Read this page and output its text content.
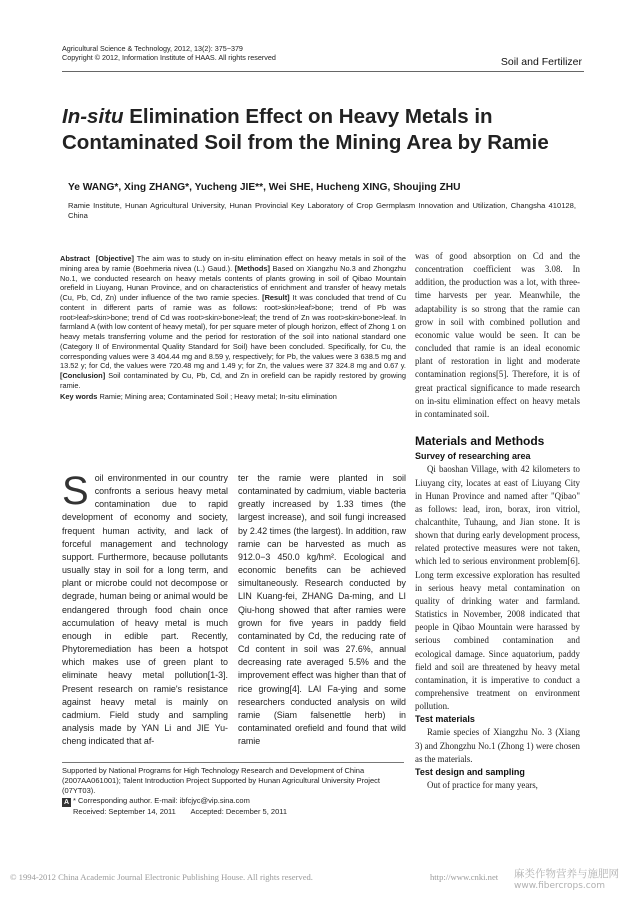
Agricultural Science & Technology, 2012, 13(2): 375−379
Copyright © 2012, Information Institute of HAAS. All rights reserved	Soil and Fertilizer
In-situ Elimination Effect on Heavy Metals in Contaminated Soil from the Mining Area by Ramie
Ye WANG*, Xing ZHANG*, Yucheng JIE**, Wei SHE, Hucheng XING, Shoujing ZHU
Ramie Institute, Hunan Agricultural University, Hunan Provincial Key Laboratory of Crop Germplasm Innovation and Utilization, Changsha 410128, China
Abstract [Objective] The aim was to study on in-situ elimination effect on heavy metals in soil of the mining area by ramie (Boehmeria nivea (L.) Gaud.). [Methods] Based on Xiangzhu No.3 and Zhongzhu No.1, we conducted research on heavy metals contents of plants growing in soil of Qibao Mountain orefield in Liuyang, Hunan Province, and on characteristics of enrichment and transfer of heavy metals (Cu, Pb, Cd, Zn) under influence of the two ramie species. [Result] It was concluded that trend of Cu content in different parts of ramie was as follows: root>skin>leaf>bone; trend of Pb was root>leaf>skin>bone; trend of Cd was root>skin>bone>leaf; the trend of Zn was root>skin>bone>leaf. In farmland A (with low content of heavy metal), for per square meter of plough horizon, effect of Zhong 1 on heavy metals transferring volume and the period for restoration of the soil into national standard one (Category II of Environmental Quality Standard for Soil) have been concluded. Specifically, for Cu, the corresponding values were 3 404.44 mg and 8.59 y, respectively; for Pb, the values were 3 638.5 mg and 13.52 y; for Cd, the values were 720.48 mg and 1.49 y; for Zn, the values were 37 324.8 mg and 0.67 y. [Conclusion] Soil contaminated by Cu, Pb, Cd, and Zn in orefield can be rapidly restored by growing ramie.
Key words Ramie; Mining area; Contaminated Soil ; Heavy metal; In-situ elimination

was of good absorption on Cd and the concentration coefficient was 3.08. In addition, the production was a lot, with three-time harvests per year. Meanwhile, the adaptability is so strong that the ramie can grow in soil with combined pollution and economic value would be seen. It can be concluded that ramie is an ideal economic plant of restoration in light and moderate contamination regions[5]. Therefore, it is of great practical significance to made research on in-situ elimination effect on heavy metals in contaminated soil.

Materials and Methods

Survey of researching area

Qi baoshan Village, with 42 kilometers to Liuyang city, locates at east of Liuyang City in Hunan Province and named after "Qibao" as follows: lead, iron, borax, iron vitriol, chalcanthite, Tuhaung, and Jian stone. It is shown that during early development process, related protective measures were not taken, which led to serious environment problem[6]. Long term excessive exploration has resulted in serious heavy metal contamination on quality of drinking water and farmland. Statistics in November, 2008 indicated that people in Qibao Mountain were harassed by serious combined contamination and ecological damage. Since aquatorium, paddy field and soil are threatened by heavy metal contamination, it is imperative to conduct a comprehensive treatment on environment pollution.

Test materials

Ramie species of Xiangzhu No. 3 (Xiang 3) and Zhongzhu No.1 (Zhong 1) were chosen as the materials.

Test design and sampling

Out of practice for many years,

Soil environmented in our country confronts a serious heavy metal contamination due to rapid development of economy and society, frequent human activity, and lack of forceful management and technology support. Furthermore, because pollutants usually stay in soil for a long term, and plant or microbe could not decompose or degrade, human being or animal would be endangered through food chain once accumulation of heavy metal is much enough in edible part. Recently, Phytoremediation has been a hotspot which makes use of green plant to eliminate heavy metal pollution[1-3]. Present research on ramie's resistance against heavy metal is mainly on cadmium. Field study and sampling analysis made by YAN Li and JIE Yu-cheng indicated that af-
ter the ramie were planted in soil contaminated by cadmium, viable bacteria greatly increased by 1.33 times (the largest increase), and soil fungi increased by 2.42 times (the largest). In addition, raw ramie can be harvested as much as 912.0−3 450.0 kg/hm². Ecological and economic benefits can be achieved simultaneously. Research conducted by LIN Kuang-fei, ZHANG Da-ming, and LI Qiu-hong showed that after ramies were grown for five years in paddy field contaminated by Cd, the reducing rate of Cd content in soil was 27.6%, annual decreasing rate averaged 5.5% and the improvement effect was higher than that of rice growing[4]. LAI Fa-ying and some researchers conducted analysis on wild ramie (Siam falsenettle herb) in contaminated orefield and found that wild ramie
Supported by National Programs for High Technology Research and Development of China (2007AA061001); Talent Introduction Project Supported by Hunan Agricultural University Project (07YT03).
A * Corresponding author. E-mail: ibfcjyc@vip.sina.com
Received: September 14, 2011 Accepted: December 5, 2011
© 1994-2012 China Academic Journal Electronic Publishing House. All rights reserved.	http://www.cnki.net 麻类作物营养与施肥网
www.fibercrops.com
